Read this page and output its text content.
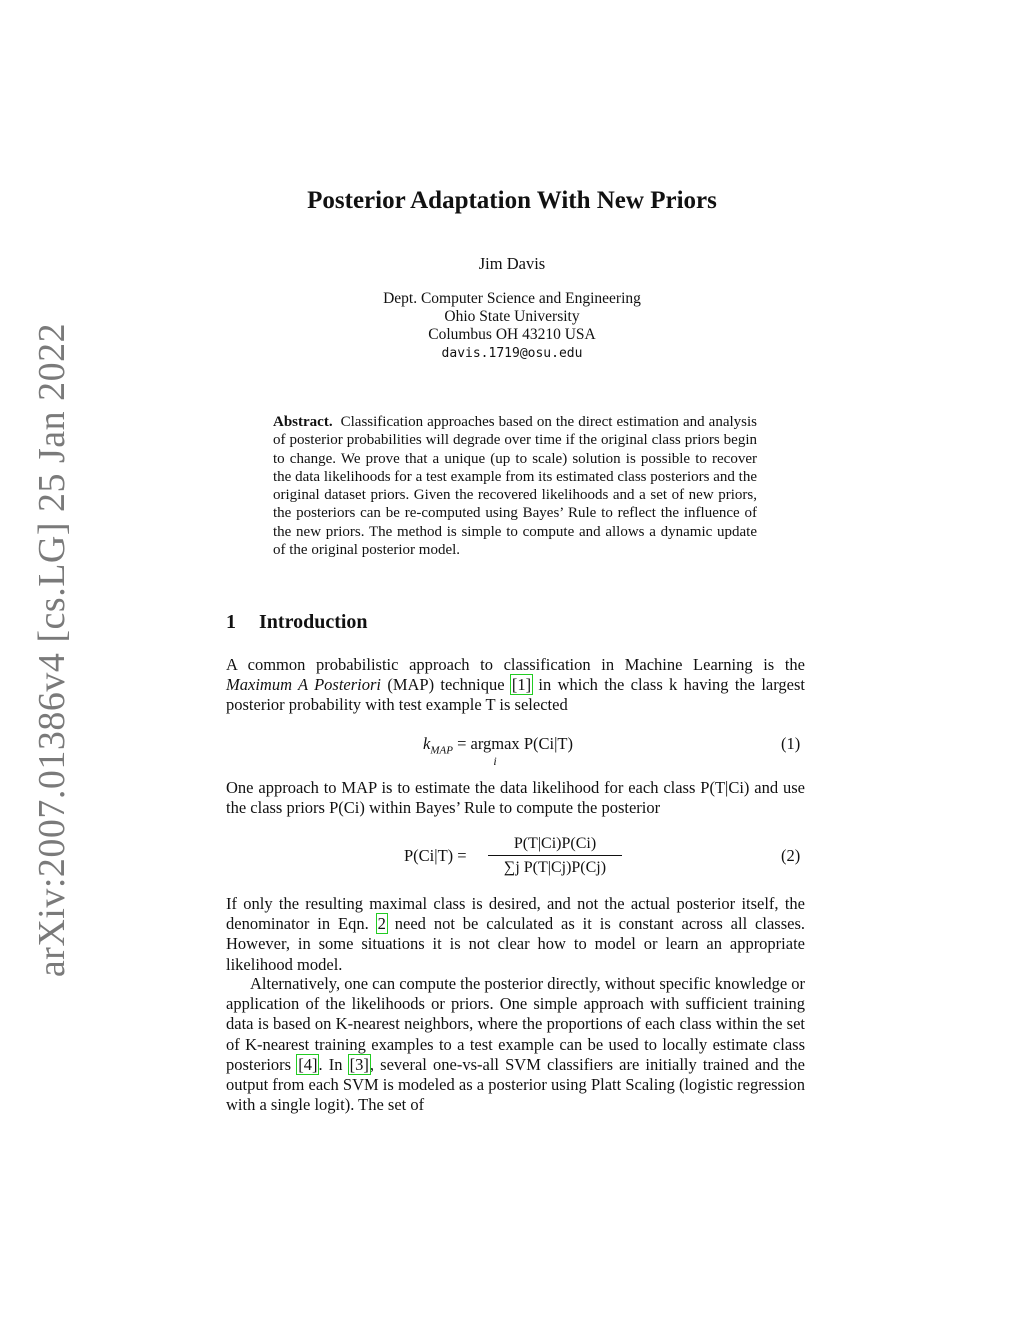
arXiv:2007.01386v4 [cs.LG] 25 Jan 2022
Posterior Adaptation With New Priors
Jim Davis
Dept. Computer Science and Engineering
Ohio State University
Columbus OH 43210 USA
davis.1719@osu.edu
Abstract. Classification approaches based on the direct estimation and analysis of posterior probabilities will degrade over time if the original class priors begin to change. We prove that a unique (up to scale) solution is possible to recover the data likelihoods for a test example from its estimated class posteriors and the original dataset priors. Given the recovered likelihoods and a set of new priors, the posteriors can be re-computed using Bayes’ Rule to reflect the influence of the new priors. The method is simple to compute and allows a dynamic update of the original posterior model.
1 Introduction

A common probabilistic approach to classification in Machine Learning is the Maximum A Posteriori (MAP) technique [1] in which the class k having the largest posterior probability with test example T is selected

$k_{MAP} = argmax$
i
P(Ci|T)	(1)

One approach to MAP is to estimate the data likelihood for each class P(T|Ci) and use the class priors P(Ci) within Bayes’ Rule to compute the posterior

P(Ci|T) =
P(T|Ci)P(Ci)
∑j P(T|Cj)P(Cj)
(2)

If only the resulting maximal class is desired, and not the actual posterior itself, the denominator in Eqn. 2 need not be calculated as it is constant across all classes. However, in some situations it is not clear how to model or learn an appropriate likelihood model.

Alternatively, one can compute the posterior directly, without specific knowledge or application of the likelihoods or priors. One simple approach with sufficient training data is based on K-nearest neighbors, where the proportions of each class within the set of K-nearest training examples to a test example can be used to locally estimate class posteriors [4]. In [3], several one-vs-all SVM classifiers are initially trained and the output from each SVM is modeled as a posterior using Platt Scaling (logistic regression with a single logit). The set of
